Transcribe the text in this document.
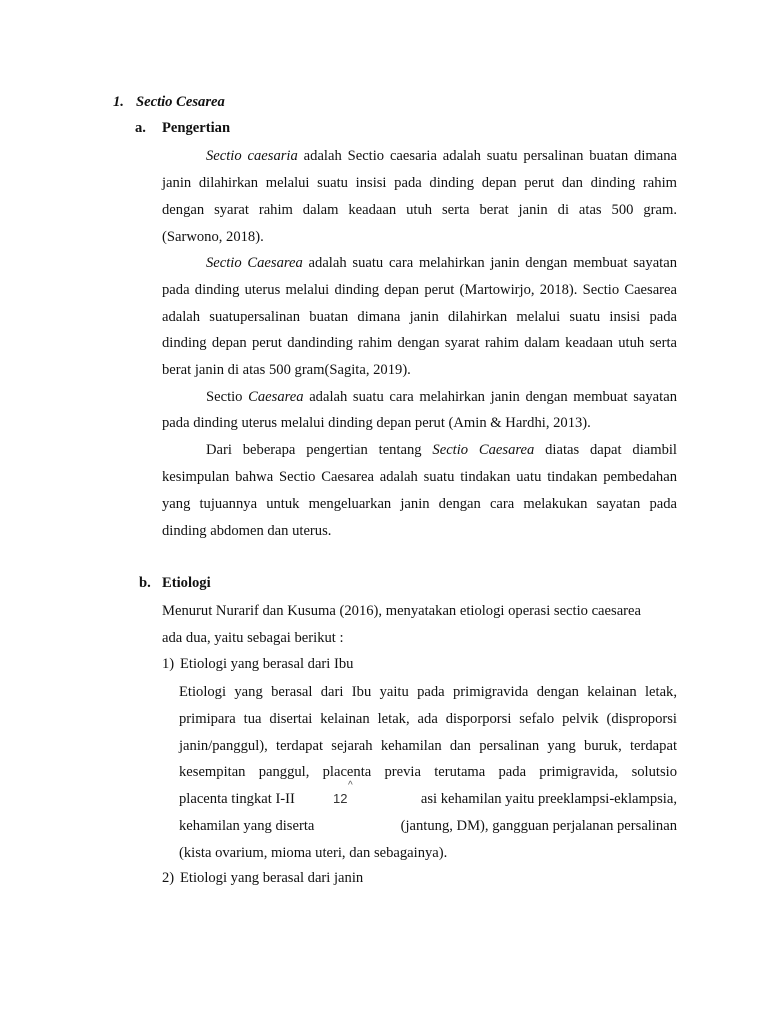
1. Sectio Cesarea
a. Pengertian
Sectio caesaria adalah Sectio caesaria adalah suatu persalinan buatan dimana
janin dilahirkan melalui suatu insisi pada dinding depan perut dan dinding rahim
dengan syarat rahim dalam keadaan utuh serta berat janin di atas 500 gram.
(Sarwono, 2018).
Sectio Caesarea adalah suatu cara melahirkan janin dengan membuat sayatan
pada dinding uterus melalui dinding depan perut (Martowirjo, 2018). Sectio Caesarea
adalah suatupersalinan buatan dimana janin dilahirkan melalui suatu insisi pada
dinding depan perut dandinding rahim dengan syarat rahim dalam keadaan utuh serta
berat janin di atas 500 gram(Sagita, 2019).
Sectio Caesarea adalah suatu cara melahirkan janin dengan membuat sayatan
pada dinding uterus melalui dinding depan perut (Amin & Hardhi, 2013).
Dari beberapa pengertian tentang Sectio Caesarea diatas dapat diambil
kesimpulan bahwa Sectio Caesarea adalah suatu tindakan uatu tindakan pembedahan
yang tujuannya untuk mengeluarkan janin dengan cara melakukan sayatan pada
dinding abdomen dan uterus.
b. Etiologi
Menurut Nurarif dan Kusuma (2016), menyatakan etiologi operasi sectio caesarea
ada dua, yaitu sebagai berikut :
1) Etiologi yang berasal dari Ibu
Etiologi yang berasal dari Ibu yaitu pada primigravida dengan kelainan letak,
primipara tua disertai kelainan letak, ada disporporsi sefalo pelvik (disproporsi
janin/panggul), terdapat sejarah kehamilan dan persalinan yang buruk, terdapat
kesempitan panggul, placenta previa terutama pada primigravida, solutsio
placenta tingkat I-II	asi kehamilan yaitu preeklampsi-eklampsia,
kehamilan yang diserta	(jantung, DM), gangguan perjalanan persalinan
(kista ovarium, mioma uteri, dan sebagainya).
2) Etiologi yang berasal dari janin
^
12
